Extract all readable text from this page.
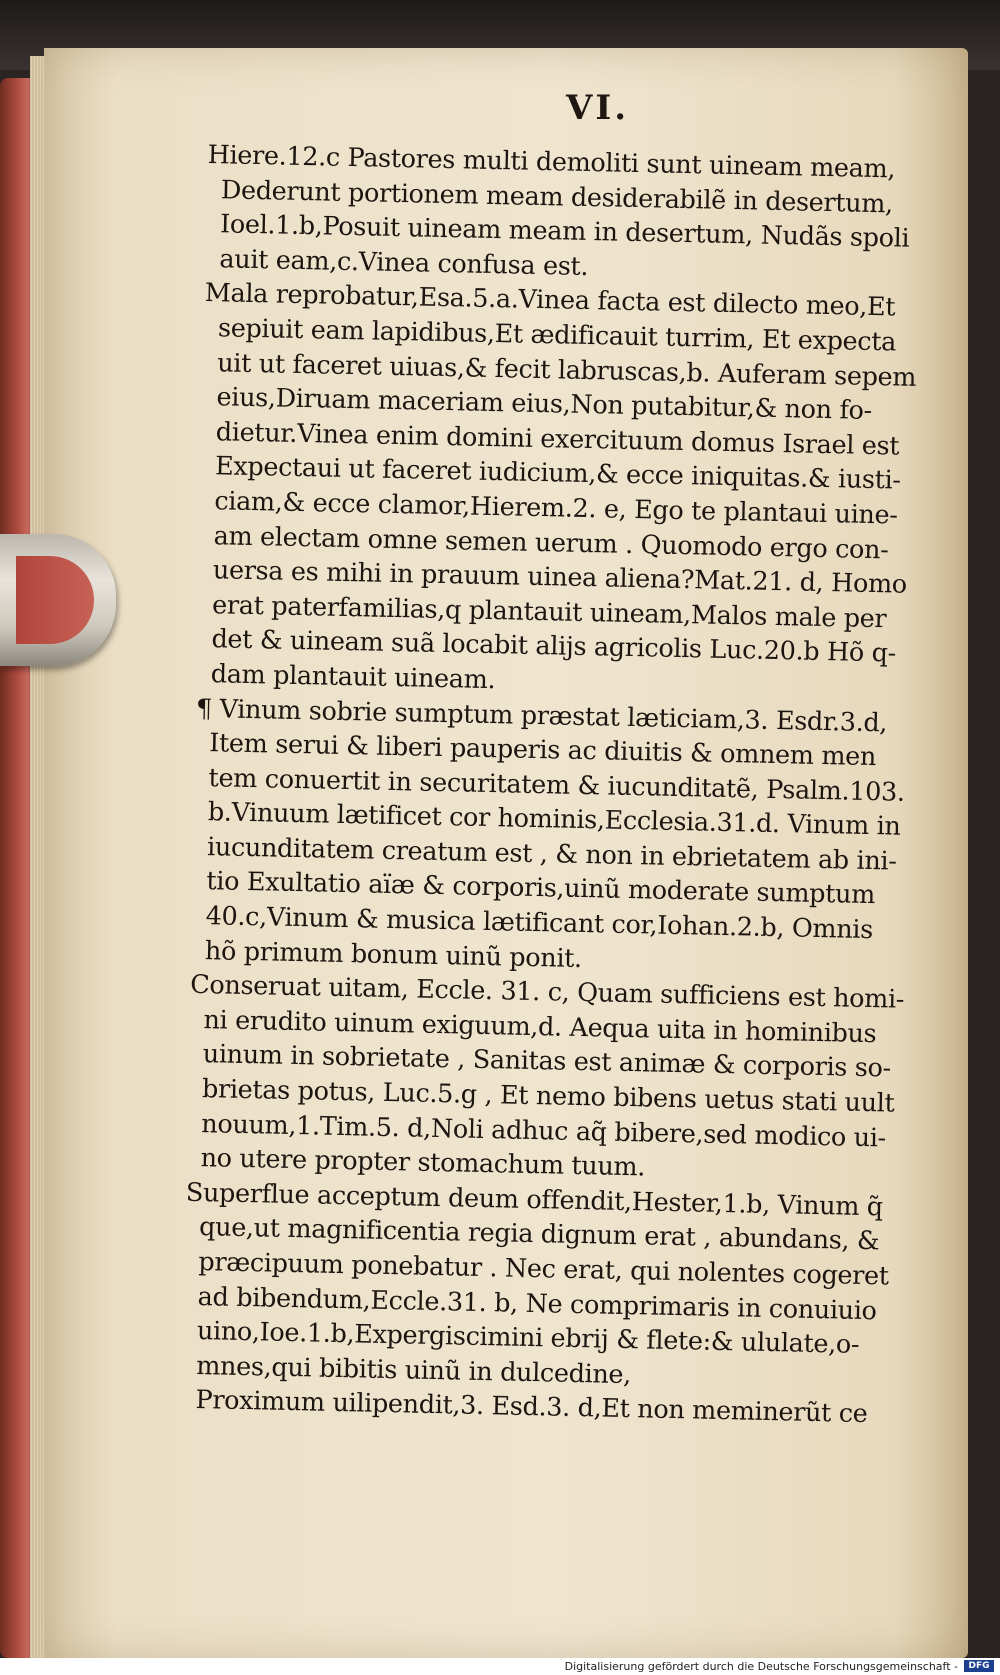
VI.
Hiere.12.c Pastores multi demoliti sunt uineam meam,
Dederunt portionem meam desiderabilẽ in desertum,
Ioel.1.b,Posuit uineam meam in desertum, Nudãs spoli
auit eam,c.Vinea confusa est.
Mala reprobatur,Esa.5.a.Vinea facta est dilecto meo,Et
sepiuit eam lapidibus,Et ædificauit turrim, Et expecta
uit ut faceret uiuas,& fecit labruscas,b. Auferam sepem
eius,Diruam maceriam eius,Non putabitur,& non fo-
dietur.Vinea enim domini exercituum domus Israel est
Expectaui ut faceret iudicium,& ecce iniquitas.& iusti-
ciam,& ecce clamor,Hierem.2. e, Ego te plantaui uine-
am electam omne semen uerum . Quomodo ergo con-
uersa es mihi in prauum uinea aliena?Mat.21. d, Homo
erat paterfamilias,q plantauit uineam,Malos male per
det & uineam suã locabit alijs agricolis Luc.20.b Hõ q-
dam plantauit uineam.
¶ Vinum sobrie sumptum præstat læticiam,3. Esdr.3.d,
Item serui & liberi pauperis ac diuitis & omnem men
tem conuertit in securitatem & iucunditatẽ, Psalm.103.
b.Vinuum lætificet cor hominis,Ecclesia.31.d. Vinum in
iucunditatem creatum est , & non in ebrietatem ab ini-
tio Exultatio aïæ & corporis,uinũ moderate sumptum
40.c,Vinum & musica lætificant cor,Iohan.2.b, Omnis
hõ primum bonum uinũ ponit.
Conseruat uitam, Eccle. 31. c, Quam sufficiens est homi-
ni erudito uinum exiguum,d. Aequa uita in hominibus
uinum in sobrietate , Sanitas est animæ & corporis so-
brietas potus, Luc.5.g , Et nemo bibens uetus stati uult
nouum,1.Tim.5. d,Noli adhuc aq̃ bibere,sed modico ui-
no utere propter stomachum tuum.
Superflue acceptum deum offendit,Hester,1.b, Vinum q̃
que,ut magnificentia regia dignum erat , abundans, &
præcipuum ponebatur . Nec erat, qui nolentes cogeret
ad bibendum,Eccle.31. b, Ne comprimaris in conuiuio
uino,Ioe.1.b,Expergiscimini ebrij & flete:& ululate,o-
mnes,qui bibitis uinũ in dulcedine,
Proximum uilipendit,3. Esd.3. d,Et non meminerũt ce
Digitalisierung gefördert durch die Deutsche Forschungsgemeinschaft -	DFG
